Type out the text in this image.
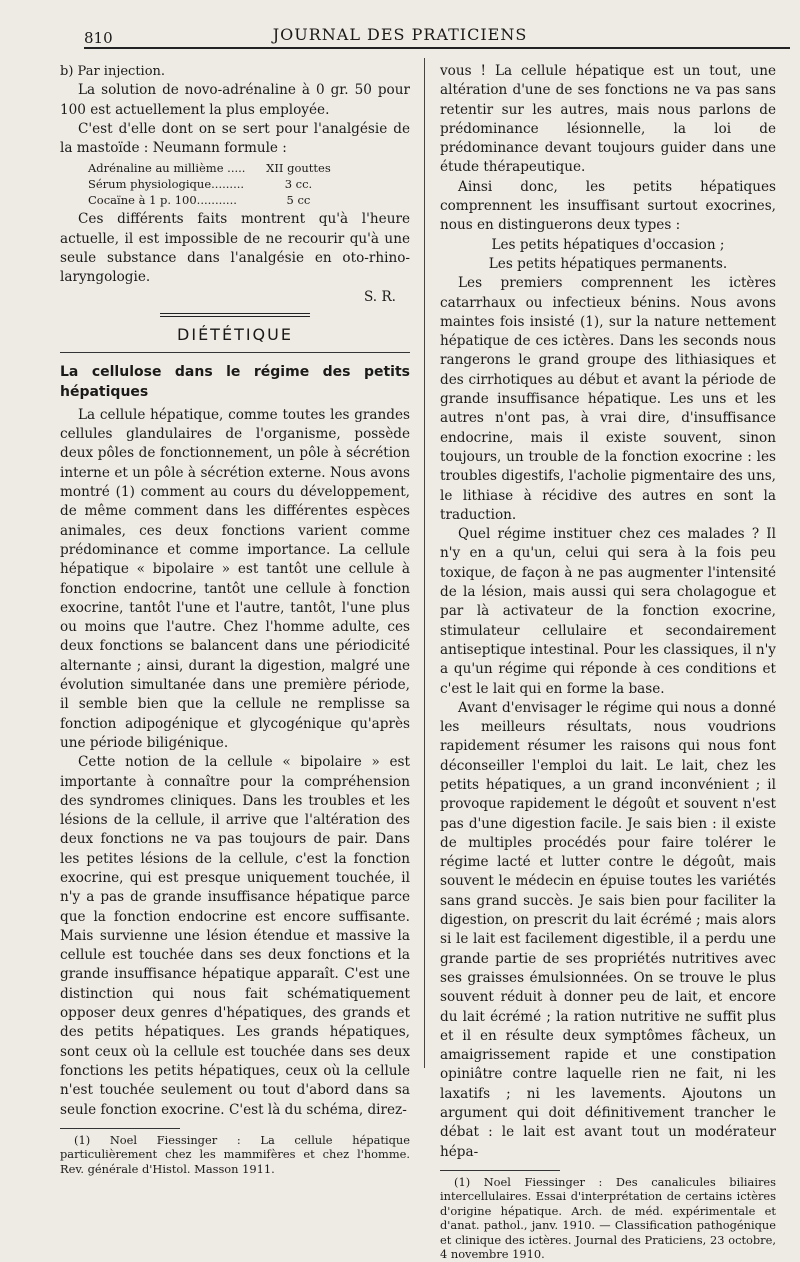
810	JOURNAL DES PRATICIENS
b) Par injection.

La solution de novo-adrénaline à 0 gr. 50 pour 100 est actuellement la plus employée.

C'est d'elle dont on se sert pour l'analgésie de la mastoïde : Neumann formule :

Adrénaline au millième .....	XII gouttes
Sérum physiologique.........	3 cc.
Cocaïne à 1 p. 100...........	5 cc

Ces différents faits montrent qu'à l'heure actuelle, il est impossible de ne recourir qu'à une seule substance dans l'analgésie en oto-rhino-laryngologie.

S. R.
DIÉTÉTIQUE
La cellulose dans le régime des petits hépatiques

La cellule hépatique, comme toutes les grandes cellules glandulaires de l'organisme, possède deux pôles de fonctionnement, un pôle à sécrétion interne et un pôle à sécrétion externe. Nous avons montré (1) comment au cours du développement, de même comment dans les différentes espèces animales, ces deux fonctions varient comme prédominance et comme importance. La cellule hépatique « bipolaire » est tantôt une cellule à fonction endocrine, tantôt une cellule à fonction exocrine, tantôt l'une et l'autre, tantôt, l'une plus ou moins que l'autre. Chez l'homme adulte, ces deux fonctions se balancent dans une périodicité alternante ; ainsi, durant la digestion, malgré une évolution simultanée dans une première période, il semble bien que la cellule ne remplisse sa fonction adipogénique et glycogénique qu'après une période biligénique.

Cette notion de la cellule « bipolaire » est importante à connaître pour la compréhension des syndromes cliniques. Dans les troubles et les lésions de la cellule, il arrive que l'altération des deux fonctions ne va pas toujours de pair. Dans les petites lésions de la cellule, c'est la fonction exocrine, qui est presque uniquement touchée, il n'y a pas de grande insuffisance hépatique parce que la fonction endocrine est encore suffisante. Mais survienne une lésion étendue et massive la cellule est touchée dans ses deux fonctions et la grande insuffisance hépatique apparaît. C'est une distinction qui nous fait schématiquement opposer deux genres d'hépatiques, des grands et des petits hépatiques. Les grands hépatiques, sont ceux où la cellule est touchée dans ses deux fonctions les petits hépatiques, ceux où la cellule n'est touchée seulement ou tout d'abord dans sa seule fonction exocrine. C'est là du schéma, direz-

(1) Noel Fiessinger : La cellule hépatique particulièrement chez les mammifères et chez l'homme. Rev. générale d'Histol. Masson 1911.

vous ! La cellule hépatique est un tout, une altération d'une de ses fonctions ne va pas sans retentir sur les autres, mais nous parlons de prédominance lésionnelle, la loi de prédominance devant toujours guider dans une étude thérapeutique.

Ainsi donc, les petits hépatiques comprennent les insuffisant surtout exocrines, nous en distinguerons deux types :

Les petits hépatiques d'occasion ;

Les petits hépatiques permanents.

Les premiers comprennent les ictères catarrhaux ou infectieux bénins. Nous avons maintes fois insisté (1), sur la nature nettement hépatique de ces ictères. Dans les seconds nous rangerons le grand groupe des lithiasiques et des cirrhotiques au début et avant la période de grande insuffisance hépatique. Les uns et les autres n'ont pas, à vrai dire, d'insuffisance endocrine, mais il existe souvent, sinon toujours, un trouble de la fonction exocrine : les troubles digestifs, l'acholie pigmentaire des uns, le lithiase à récidive des autres en sont la traduction.

Quel régime instituer chez ces malades ? Il n'y en a qu'un, celui qui sera à la fois peu toxique, de façon à ne pas augmenter l'intensité de la lésion, mais aussi qui sera cholagogue et par là activateur de la fonction exocrine, stimulateur cellulaire et secondairement antiseptique intestinal. Pour les classiques, il n'y a qu'un régime qui réponde à ces conditions et c'est le lait qui en forme la base.

Avant d'envisager le régime qui nous a donné les meilleurs résultats, nous voudrions rapidement résumer les raisons qui nous font déconseiller l'emploi du lait. Le lait, chez les petits hépatiques, a un grand inconvénient ; il provoque rapidement le dégoût et souvent n'est pas d'une digestion facile. Je sais bien : il existe de multiples procédés pour faire tolérer le régime lacté et lutter contre le dégoût, mais souvent le médecin en épuise toutes les variétés sans grand succès. Je sais bien pour faciliter la digestion, on prescrit du lait écrémé ; mais alors si le lait est facilement digestible, il a perdu une grande partie de ses propriétés nutritives avec ses graisses émulsionnées. On se trouve le plus souvent réduit à donner peu de lait, et encore du lait écrémé ; la ration nutritive ne suffit plus et il en résulte deux symptômes fâcheux, un amaigrissement rapide et une constipation opiniâtre contre laquelle rien ne fait, ni les laxatifs ; ni les lavements. Ajoutons un argument qui doit définitivement trancher le débat : le lait est avant tout un modérateur hépa-

(1) Noel Fiessinger : Des canalicules biliaires intercellulaires. Essai d'interprétation de certains ictères d'origine hépatique. Arch. de méd. expérimentale et d'anat. pathol., janv. 1910. — Classification pathogénique et clinique des ictères. Journal des Praticiens, 23 octobre, 4 novembre 1910.
